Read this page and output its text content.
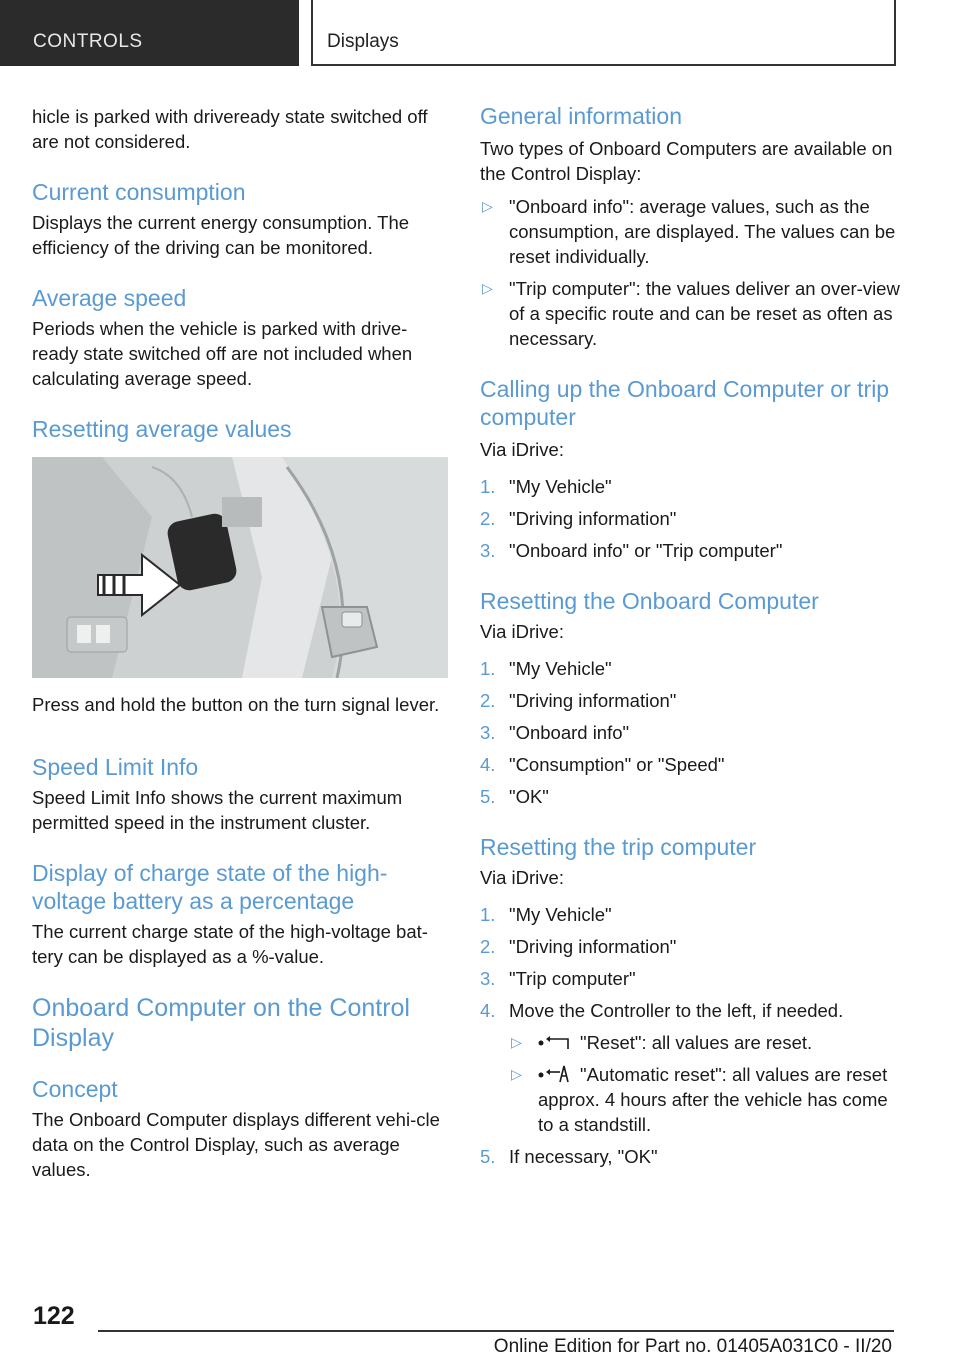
CONTROLS	Displays

hicle is parked with driveready state switched off are not considered.

Current consumption

Displays the current energy consumption. The efficiency of the driving can be monitored.

Average speed

Periods when the vehicle is parked with drive‐ready state switched off are not included when calculating average speed.

Resetting average values

Press and hold the button on the turn signal lever.

Speed Limit Info

Speed Limit Info shows the current maximum permitted speed in the instrument cluster.

Display of charge state of the high-voltage battery as a percentage

The current charge state of the high-voltage bat‐tery can be displayed as a %-value.

Onboard Computer on the Control Display
Concept

The Onboard Computer displays different vehi‐cle data on the Control Display, such as average values.

General information

Two types of Onboard Computers are available on the Control Display:

▷ "Onboard info": average values, such as the consumption, are displayed. The values can be reset individually.
▷ "Trip computer": the values deliver an over‐view of a specific route and can be reset as often as necessary.
Calling up the Onboard Computer or trip computer

Via iDrive:

1. "My Vehicle"
2. "Driving information"
3. "Onboard info" or "Trip computer"
Resetting the Onboard Computer

Via iDrive:

1. "My Vehicle"
2. "Driving information"
3. "Onboard info"
4. "Consumption" or "Speed"
5. "OK"
Resetting the trip computer

Via iDrive:

1. "My Vehicle"
2. "Driving information"
3. "Trip computer"
4. Move the Controller to the left, if needed.
▷	"Reset": all values are reset.
▷	"Automatic reset": all values are reset approx. 4 hours after the vehicle has come to a standstill.
5. If necessary, "OK"
122
Online Edition for Part no. 01405A031C0 - II/20
